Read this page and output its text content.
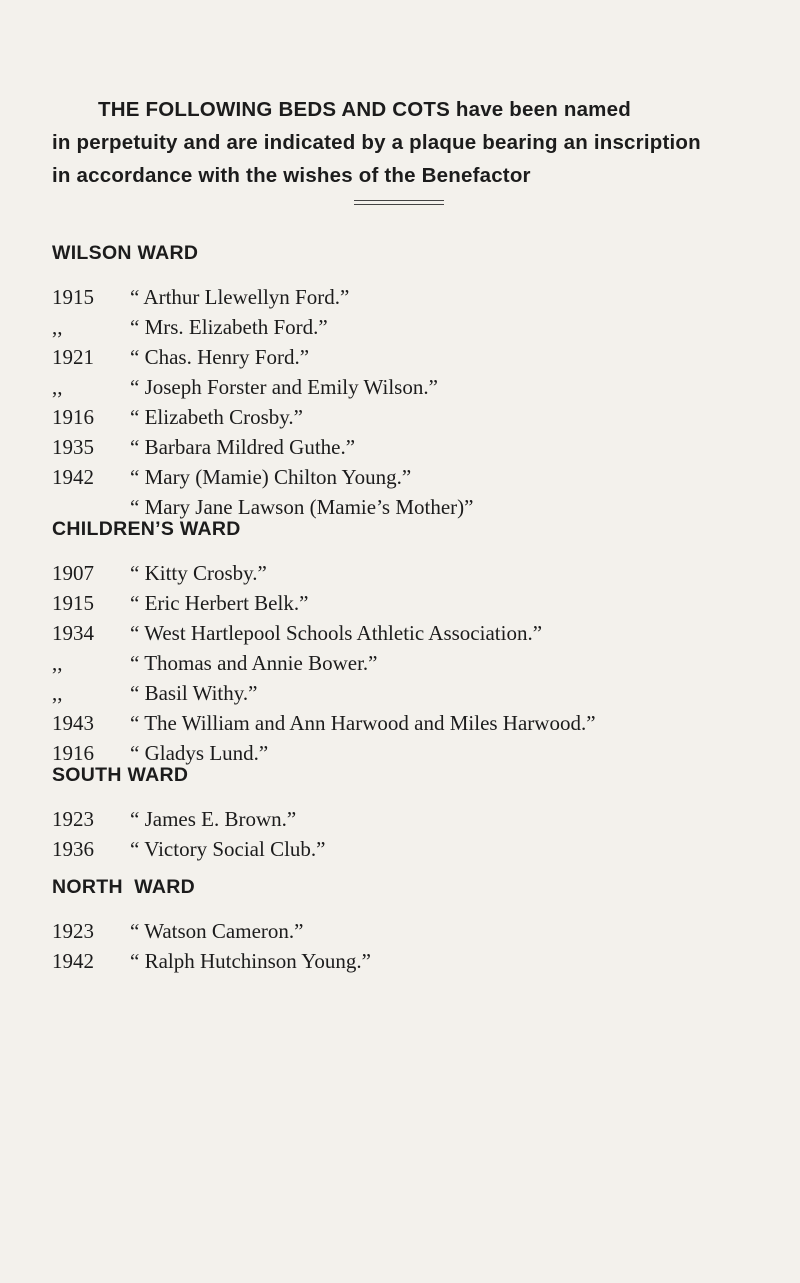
THE FOLLOWING BEDS AND COTS have been named
in perpetuity and are indicated by a plaque bearing an inscription
in accordance with the wishes of the Benefactor
WILSON WARD
1915 “ Arthur Llewellyn Ford.”
,,	“ Mrs. Elizabeth Ford.”
1921 “ Chas. Henry Ford.”
,,	“ Joseph Forster and Emily Wilson.”
1916 “ Elizabeth Crosby.”
1935 “ Barbara Mildred Guthe.”
1942 “ Mary (Mamie) Chilton Young.”
“ Mary Jane Lawson (Mamie’s Mother)”
CHILDREN’S WARD
1907 “ Kitty Crosby.”
1915 “ Eric Herbert Belk.”
1934 “ West Hartlepool Schools Athletic Association.”
,,	“ Thomas and Annie Bower.”
,,	“ Basil Withy.”
1943 “ The William and Ann Harwood and Miles Harwood.”
1916 “ Gladys Lund.”
SOUTH WARD
1923 “ James E. Brown.”
1936 “ Victory Social Club.”
NORTH  WARD
1923 “ Watson Cameron.”
1942 “ Ralph Hutchinson Young.”
